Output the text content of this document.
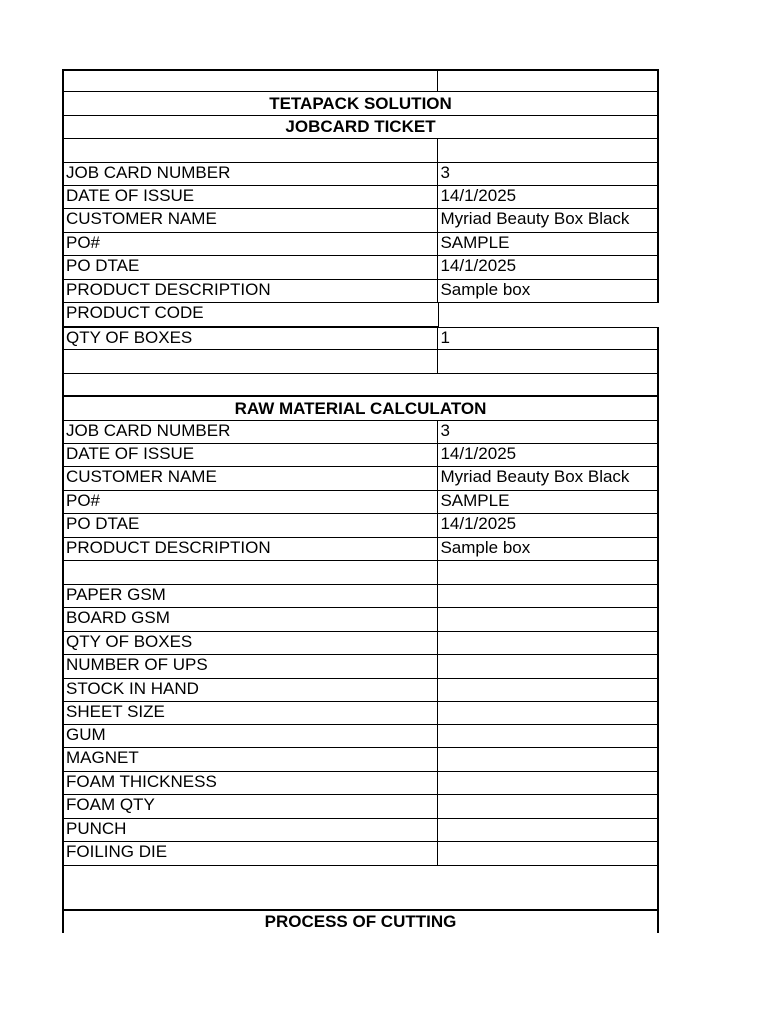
TETAPACK SOLUTION
JOBCARD TICKET
JOB CARD NUMBER	3
DATE OF ISSUE	14/1/2025
CUSTOMER NAME	Myriad Beauty Box Black
PO#	SAMPLE
PO DTAE	14/1/2025
PRODUCT DESCRIPTION	Sample box
PRODUCT CODE
QTY OF BOXES	1
RAW MATERIAL CALCULATON
JOB CARD NUMBER	3
DATE OF ISSUE	14/1/2025
CUSTOMER NAME	Myriad Beauty Box Black
PO#	SAMPLE
PO DTAE	14/1/2025
PRODUCT DESCRIPTION	Sample box
PAPER GSM
BOARD GSM
QTY OF BOXES
NUMBER OF UPS
STOCK IN HAND
SHEET SIZE
GUM
MAGNET
FOAM THICKNESS
FOAM QTY
PUNCH
FOILING DIE
PROCESS OF CUTTING
